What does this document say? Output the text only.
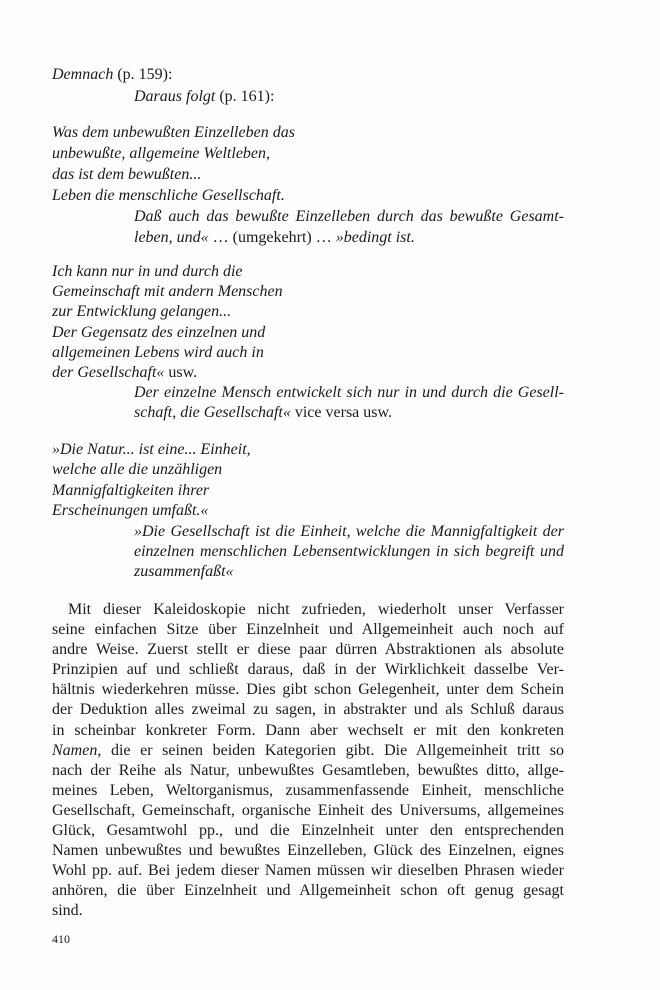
Demnach (p. 159):
Daraus folgt (p. 161):
Was dem unbewußten Einzelleben das
unbewußte, allgemeine Weltleben,
das ist dem bewußten...
Leben die menschliche Gesellschaft.
Daß auch das bewußte Einzelleben durch das bewußte Gesamt-
leben, und« … (umgekehrt) … »bedingt ist.
Ich kann nur in und durch die
Gemeinschaft mit andern Menschen
zur Entwicklung gelangen...
Der Gegensatz des einzelnen und
allgemeinen Lebens wird auch in
der Gesellschaft« usw.
Der einzelne Mensch entwickelt sich nur in und durch die Gesell-
schaft, die Gesellschaft« vice versa usw.
»Die Natur... ist eine... Einheit,
welche alle die unzähligen
Mannigfaltigkeiten ihrer
Erscheinungen umfaßt.«
»Die Gesellschaft ist die Einheit, welche die Mannigfaltigkeit der
einzelnen menschlichen Lebensentwicklungen in sich begreift und
zusammenfaßt«
Mit dieser Kaleidoskopie nicht zufrieden, wiederholt unser Verfasser
seine einfachen Sitze über Einzelnheit und Allgemeinheit auch noch auf
andre Weise. Zuerst stellt er diese paar dürren Abstraktionen als absolute
Prinzipien auf und schließt daraus, daß in der Wirklichkeit dasselbe Ver-
hältnis wiederkehren müsse. Dies gibt schon Gelegenheit, unter dem Schein
der Deduktion alles zweimal zu sagen, in abstrakter und als Schluß daraus
in scheinbar konkreter Form. Dann aber wechselt er mit den konkreten
Namen, die er seinen beiden Kategorien gibt. Die Allgemeinheit tritt so
nach der Reihe als Natur, unbewußtes Gesamtleben, bewußtes ditto, allge-
meines Leben, Weltorganismus, zusammenfassende Einheit, menschliche
Gesellschaft, Gemeinschaft, organische Einheit des Universums, allgemeines
Glück, Gesamtwohl pp., und die Einzelnheit unter den entsprechenden
Namen unbewußtes und bewußtes Einzelleben, Glück des Einzelnen, eignes
Wohl pp. auf. Bei jedem dieser Namen müssen wir dieselben Phrasen wieder
anhören, die über Einzelnheit und Allgemeinheit schon oft genug gesagt
sind.
410
